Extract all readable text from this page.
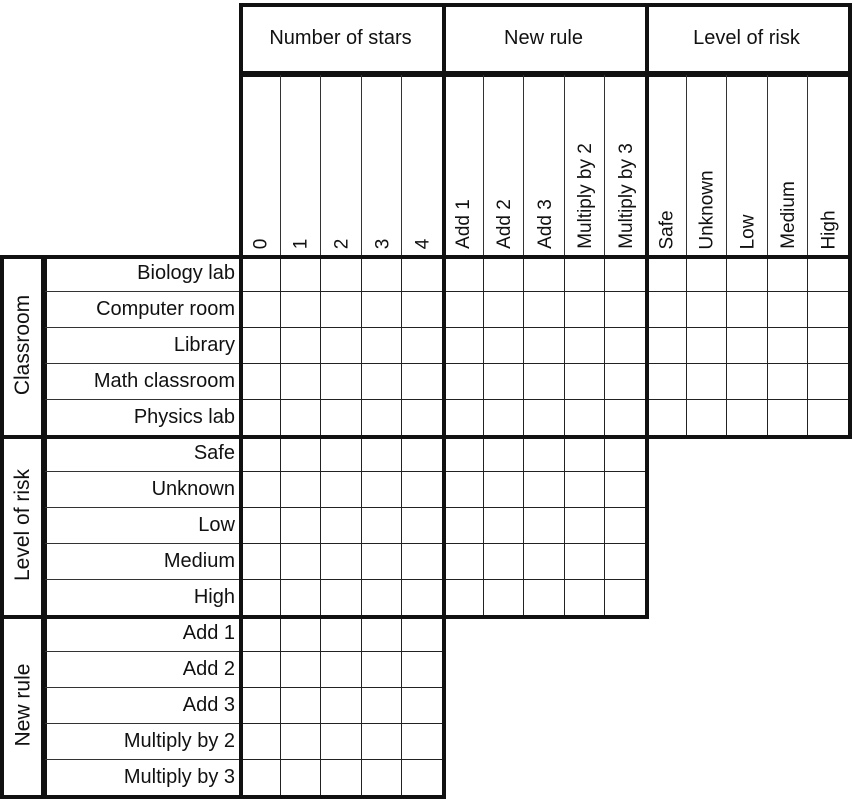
Number of stars
0 1 2 3 4
New rule
Add 1 Add 2 Add 3 Multiply by 2 Multiply by 3
Level of risk
Safe Unknown Low Medium High
Classroom
Biology lab
Computer room
Library
Math classroom
Physics lab
Level of risk
Safe
Unknown
Low
Medium
High
New rule
Add 1
Add 2
Add 3
Multiply by 2
Multiply by 3
